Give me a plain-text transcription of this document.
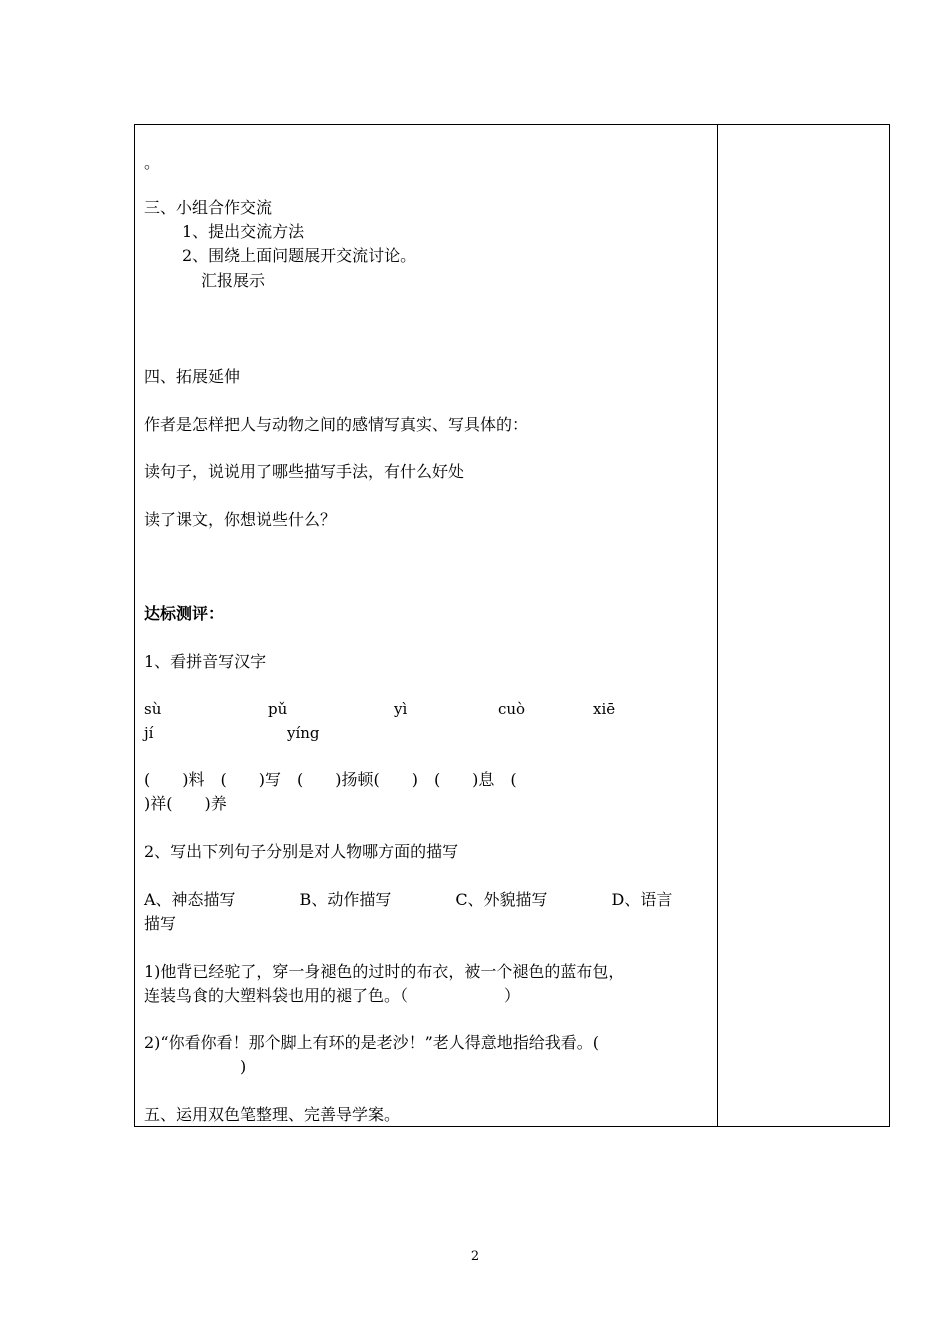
。
三、小组合作交流
1、提出交流方法
2、围绕上面问题展开交流讨论。
汇报展示
四、拓展延伸
作者是怎样把人与动物之间的感情写真实、写具体的：
读句子，说说用了哪些描写手法，有什么好处
读了课文，你想说些什么？
达标测评：
1、看拼音写汉字
sù	pǔ	yì	cuò	xiē
jí	yíng
(　　)料　(　　)写　(　　)扬顿(　　)　(　　)息　(
)祥(　　)养
2、写出下列句子分别是对人物哪方面的描写
A、神态描写　　　　B、动作描写　　　　C、外貌描写　　　　D、语言
描写
1)他背已经驼了，穿一身褪色的过时的布衣，被一个褪色的蓝布包，
连装鸟食的大塑料袋也用的褪了色。（　　　　　　）
2)“你看你看！那个脚上有环的是老沙！”老人得意地指给我看。(
　　　　　　)
五、运用双色笔整理、完善导学案。
2
